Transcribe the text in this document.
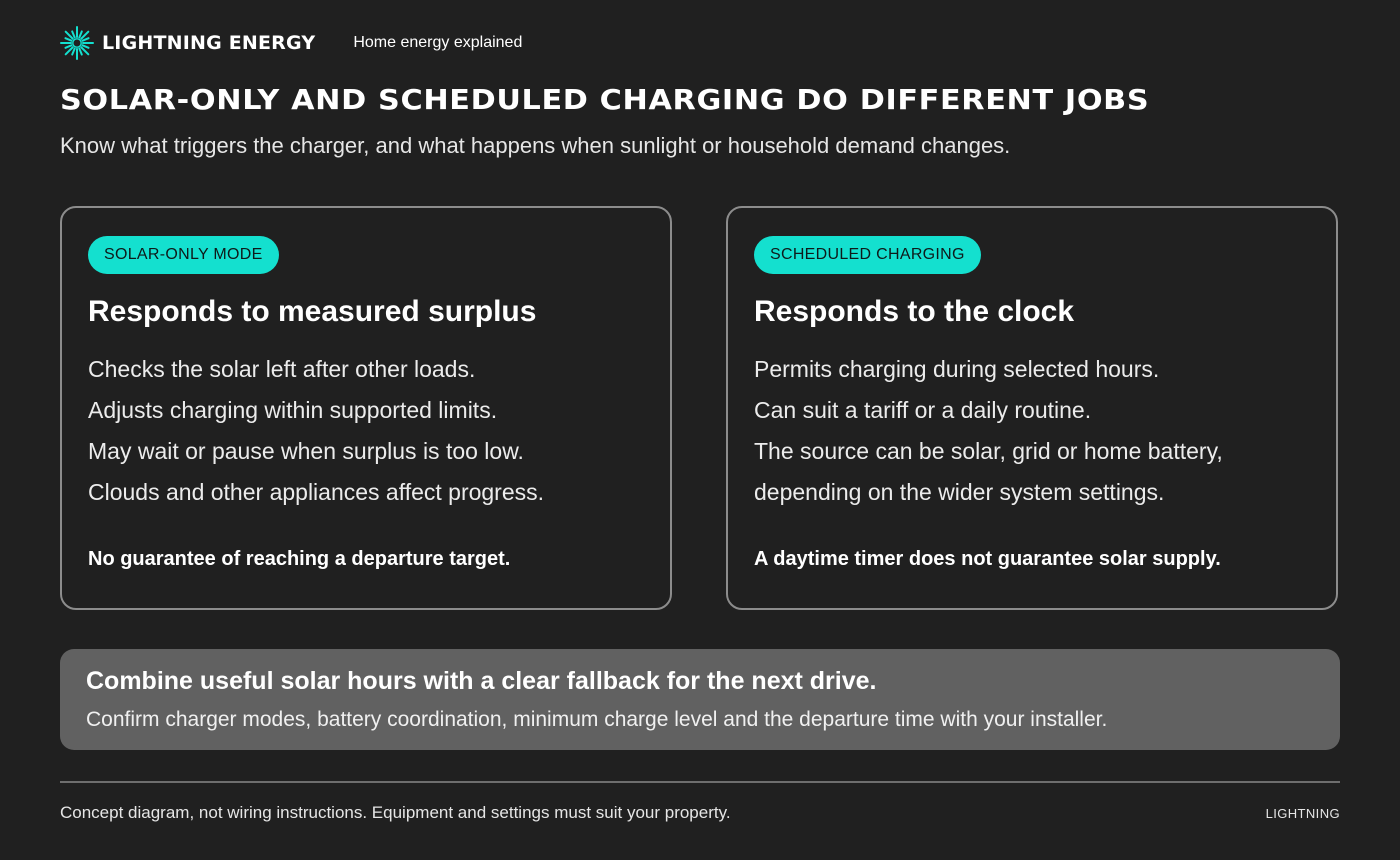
LIGHTNING ENERGY Home energy explained
SOLAR-ONLY AND SCHEDULED CHARGING DO DIFFERENT JOBS

Know what triggers the charger, and what happens when sunlight or household demand changes.

SOLAR-ONLY MODE
Responds to measured surplus
Checks the solar left after other loads.
Adjusts charging within supported limits.
May wait or pause when surplus is too low.
Clouds and other appliances affect progress.

No guarantee of reaching a departure target.

SCHEDULED CHARGING
Responds to the clock
Permits charging during selected hours.
Can suit a tariff or a daily routine.
The source can be solar, grid or home battery,
depending on the wider system settings.

A daytime timer does not guarantee solar supply.

Combine useful solar hours with a clear fallback for the next drive.

Confirm charger modes, battery coordination, minimum charge level and the departure time with your installer.

Concept diagram, not wiring instructions. Equipment and settings must suit your property.	LIGHTNING
